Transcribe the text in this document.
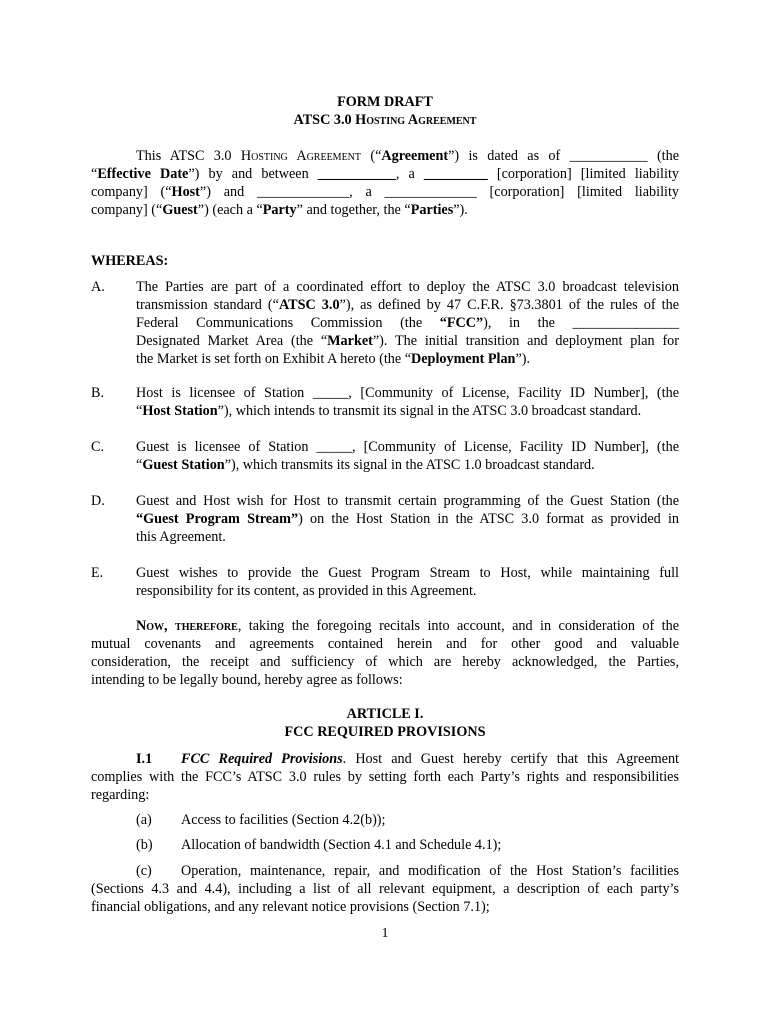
FORM DRAFT
ATSC 3.0 Hosting Agreement
This ATSC 3.0 Hosting Agreement (“Agreement”) is dated as of ___________ (the
“Effective Date”) by and between ___________, a _________ [corporation] [limited liability
company] (“Host”) and _____________, a _____________ [corporation] [limited liability
company] (“Guest”) (each a “Party” and together, the “Parties”).
WHEREAS:
A. The Parties are part of a coordinated effort to deploy the ATSC 3.0 broadcast television
transmission standard (“ATSC 3.0”), as defined by 47 C.F.R. §73.3801 of the rules of the
Federal Communications Commission (the “FCC”), in the _______________
Designated Market Area (the “Market”). The initial transition and deployment plan for
the Market is set forth on Exhibit A hereto (the “Deployment Plan”).
B. Host is licensee of Station _____, [Community of License, Facility ID Number], (the
“Host Station”), which intends to transmit its signal in the ATSC 3.0 broadcast standard.
C. Guest is licensee of Station _____, [Community of License, Facility ID Number], (the
“Guest Station”), which transmits its signal in the ATSC 1.0 broadcast standard.
D. Guest and Host wish for Host to transmit certain programming of the Guest Station (the
“Guest Program Stream”) on the Host Station in the ATSC 3.0 format as provided in
this Agreement.
E. Guest wishes to provide the Guest Program Stream to Host, while maintaining full
responsibility for its content, as provided in this Agreement.
Now, therefore, taking the foregoing recitals into account, and in consideration of the
mutual covenants and agreements contained herein and for other good and valuable
consideration, the receipt and sufficiency of which are hereby acknowledged, the Parties,
intending to be legally bound, hereby agree as follows:
ARTICLE I.
FCC REQUIRED PROVISIONS
I.1 FCC Required Provisions. Host and Guest hereby certify that this Agreement
complies with the FCC’s ATSC 3.0 rules by setting forth each Party’s rights and responsibilities
regarding:
(a) Access to facilities (Section 4.2(b));
(b) Allocation of bandwidth (Section 4.1 and Schedule 4.1);
(c) Operation, maintenance, repair, and modification of the Host Station’s facilities
(Sections 4.3 and 4.4), including a list of all relevant equipment, a description of each party’s
financial obligations, and any relevant notice provisions (Section 7.1);
1
